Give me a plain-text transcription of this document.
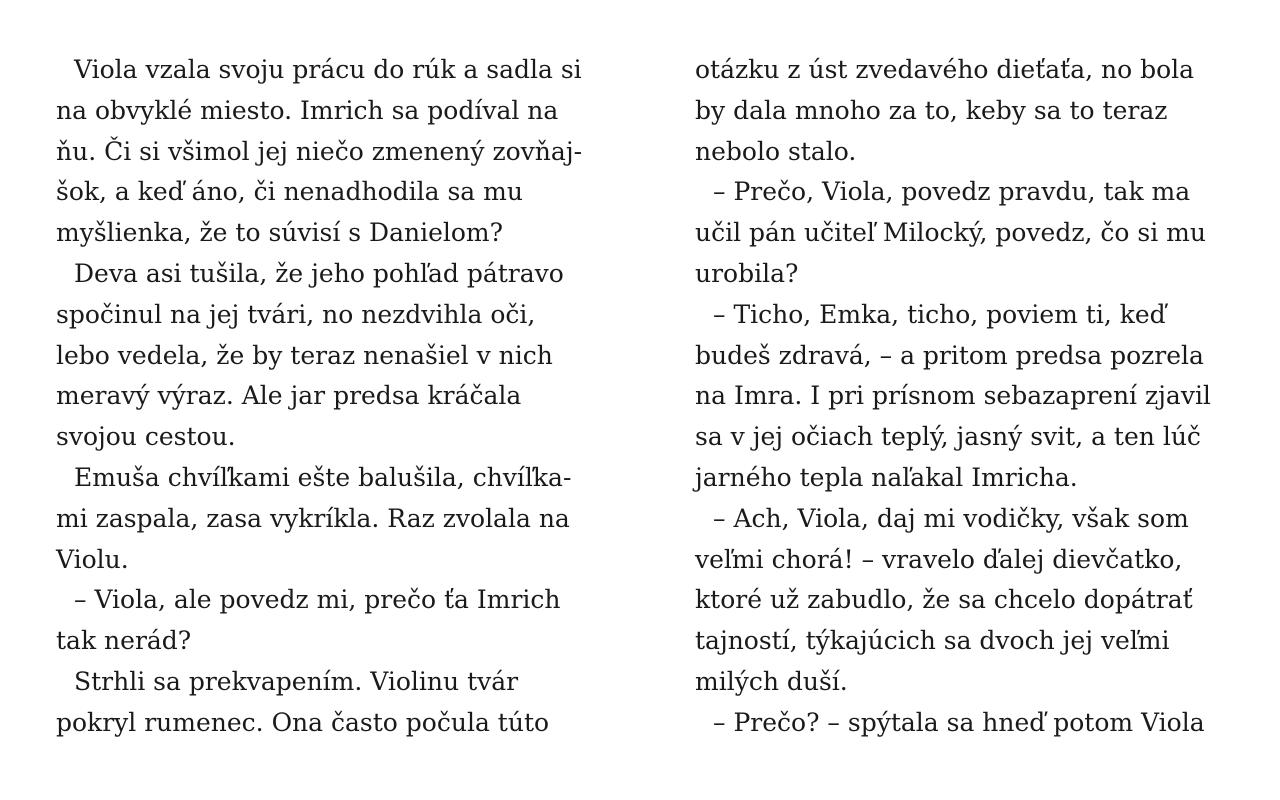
Viola vzala svoju prácu do rúk a sadla si
na obvyklé miesto. Imrich sa podíval na
ňu. Či si všimol jej niečo zmenený zovňaj-
šok, a keď áno, či nenadhodila sa mu
myšlienka, že to súvisí s Danielom?
Deva asi tušila, že jeho pohľad pátravo
spočinul na jej tvári, no nezdvihla oči,
lebo vedela, že by teraz nenašiel v nich
meravý výraz. Ale jar predsa kráčala
svojou cestou.
Emuša chvíľkami ešte balušila, chvíľka-
mi zaspala, zasa vykríkla. Raz zvolala na
Violu.
– Viola, ale povedz mi, prečo ťa Imrich
tak nerád?
Strhli sa prekvapením. Violinu tvár
pokryl rumenec. Ona často počula túto
otázku z úst zvedavého dieťaťa, no bola
by dala mnoho za to, keby sa to teraz
nebolo stalo.
– Prečo, Viola, povedz pravdu, tak ma
učil pán učiteľ Milocký, povedz, čo si mu
urobila?
– Ticho, Emka, ticho, poviem ti, keď
budeš zdravá, – a pritom predsa pozrela
na Imra. I pri prísnom sebazaprení zjavil
sa v jej očiach teplý, jasný svit, a ten lúč
jarného tepla naľakal Imricha.
– Ach, Viola, daj mi vodičky, však som
veľmi chorá! – vravelo ďalej dievčatko,
ktoré už zabudlo, že sa chcelo dopátrať
tajností, týkajúcich sa dvoch jej veľmi
milých duší.
– Prečo? – spýtala sa hneď potom Viola
